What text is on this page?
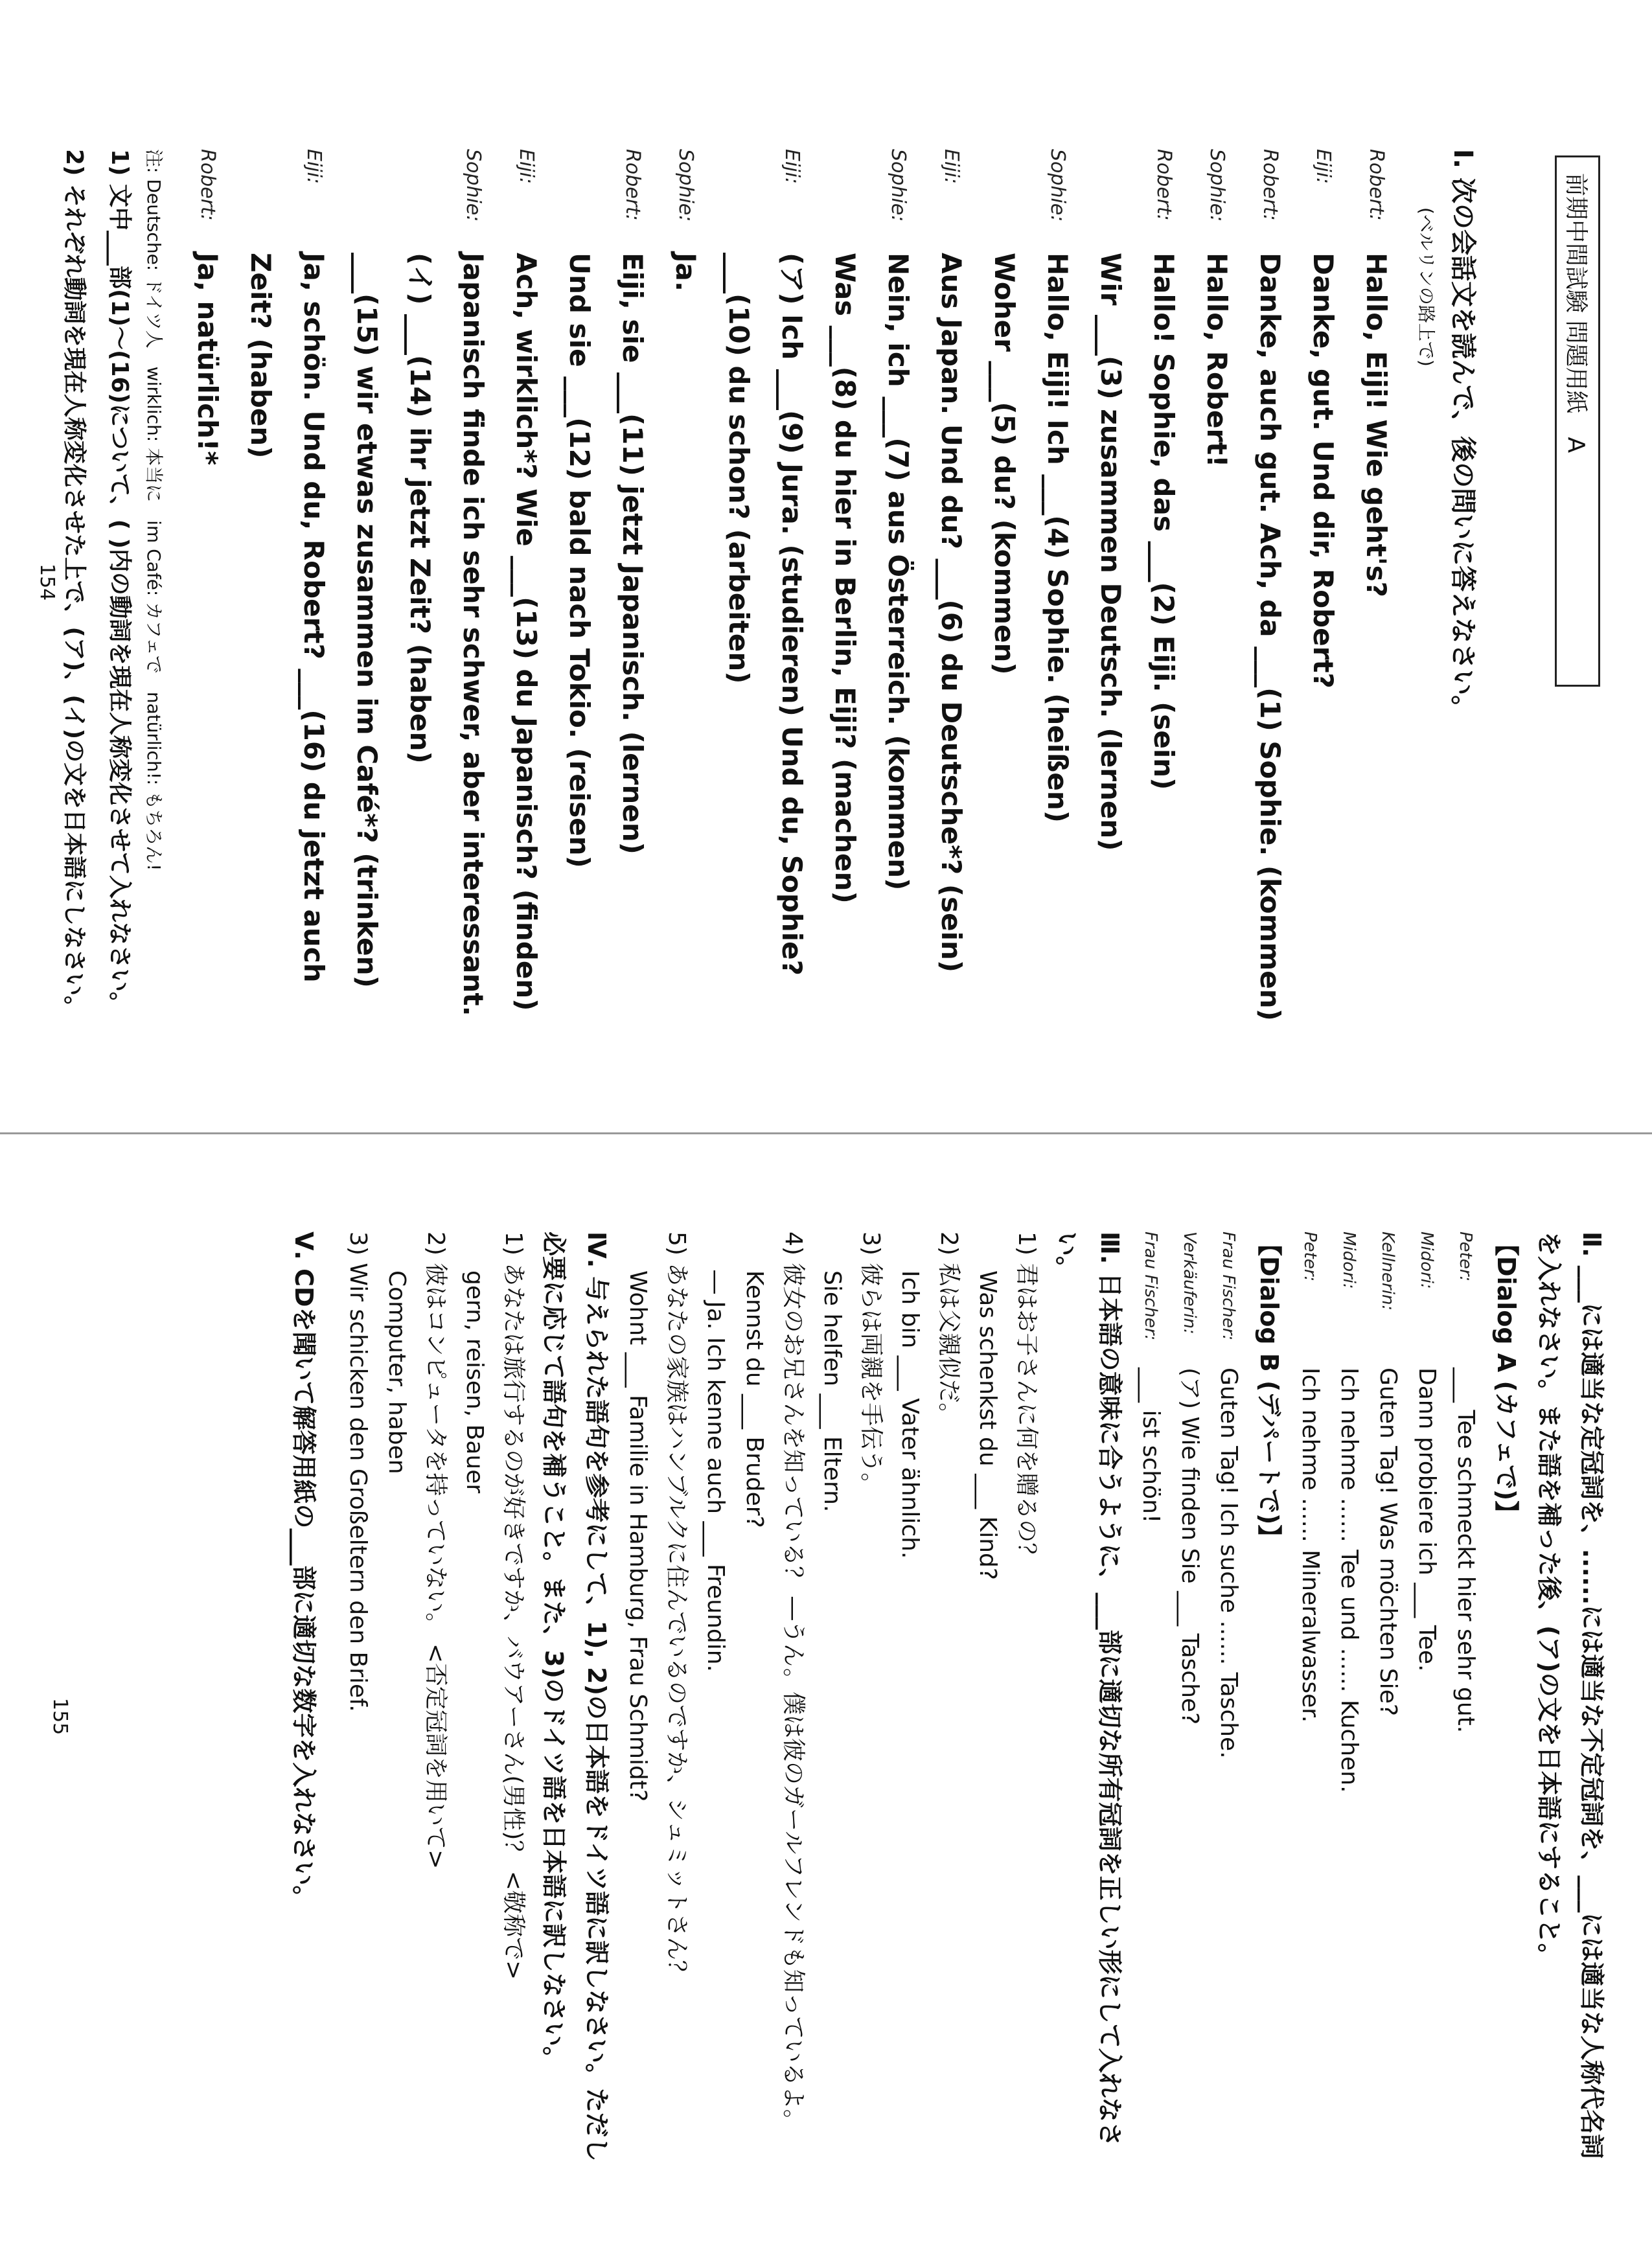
前期中間試験 問題用紙　A
Ⅰ. 次の会話文を読んで、後の問いに答えなさい。
(ベルリンの路上で)
Robert:
Hallo, Eiji! Wie geht's?
Eiji:
Danke, gut. Und dir, Robert?
Robert:
Danke, auch gut. Ach, da ___(1) Sophie. (kommen)
Sophie:
Hallo, Robert!
Robert:
Hallo! Sophie, das ___(2) Eiji. (sein)
Wir ___(3) zusammen Deutsch. (lernen)
Sophie:
Hallo, Eiji! Ich ___(4) Sophie. (heißen)
Woher ___(5) du? (kommen)
Eiji:
Aus Japan. Und du? ___(6) du Deutsche*? (sein)
Sophie:
Nein, ich ___(7) aus Österreich. (kommen)
Was ___(8) du hier in Berlin, Eiji? (machen)
Eiji:
(ア) Ich ___(9) Jura. (studieren) Und du, Sophie?
___(10) du schon? (arbeiten)
Sophie:
Ja.
Robert:
Eiji, sie ___(11) jetzt Japanisch. (lernen)
Und sie ___(12) bald nach Tokio. (reisen)
Eiji:
Ach, wirklich*? Wie ___(13) du Japanisch? (finden)
Sophie:
Japanisch finde ich sehr schwer, aber interessant.
(イ) ___(14) ihr jetzt Zeit? (haben)
___(15) wir etwas zusammen im Café*? (trinken)
Eiji:
Ja, schön. Und du, Robert? ___(16) du jetzt auch
Zeit? (haben)
Robert:
Ja, natürlich!*
注: Deutsche: ドイツ人　wirklich: 本当に　im Café: カフェで　natürlich!: もちろん!
1) 文中___部(1)〜(16)について、( )内の動詞を現在人称変化させて入れなさい。
2) それぞれ動詞を現在人称変化させた上で、(ア)、(イ)の文を日本語にしなさい。
154
Ⅱ. ___には適当な定冠詞を、......には適当な不定冠詞を、___には適当な人称代名詞を入れなさい。また語を補った後、(ア)の文を日本語にすること。
【Dialog A (カフェで)】
Peter:
___ Tee schmeckt hier sehr gut.
Midori:
Dann probiere ich ___ Tee.
Kellnerin:
Guten Tag! Was möchten Sie?
Midori:
Ich nehme ...... Tee und ...... Kuchen.
Peter:
Ich nehme ...... Mineralwasser.
【Dialog B (デパートで)】
Frau Fischer:
Guten Tag! Ich suche ...... Tasche.
Verkäuferin:
(ア) Wie finden Sie ___ Tasche?
Frau Fischer:
___ ist schön!
Ⅲ. 日本語の意味に合うように、___部に適切な所有冠詞を正しい形にして入れなさい。
1) 君はお子さんに何を贈るの？
Was schenkst du ___ Kind?
2) 私は父親似だ。
Ich bin ___ Vater ähnlich.
3) 彼らは両親を手伝う。
Sie helfen ___ Eltern.
4) 彼女のお兄さんを知っている？ ―うん。僕は彼のガールフレンドも知っているよ。
Kennst du ___ Bruder?
― Ja. Ich kenne auch ___ Freundin.
5) あなたの家族はハンブルクに住んでいるのですか、シュミットさん？
Wohnt ___ Familie in Hamburg, Frau Schmidt?
Ⅳ. 与えられた語句を参考にして、1), 2)の日本語をドイツ語に訳しなさい。ただし必要に応じて語句を補うこと。また、3)のドイツ語を日本語に訳しなさい。
1) あなたは旅行するのが好きですか、バウアーさん(男性)？ <敬称で>
gern, reisen, Bauer
2) 彼はコンピュータを持っていない。 <否定冠詞を用いて>
Computer, haben
3) Wir schicken den Großeltern den Brief.
Ⅴ. CDを聞いて解答用紙の___部に適切な数字を入れなさい。
155
